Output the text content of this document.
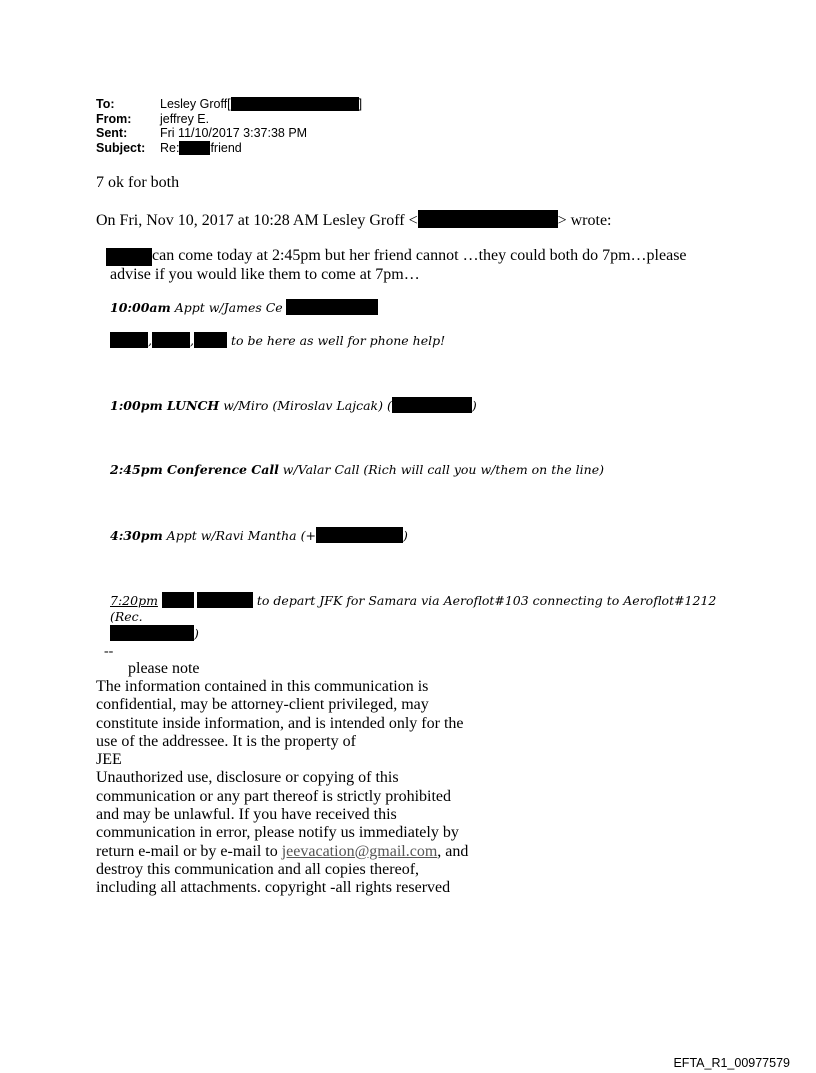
To:	Lesley Groff[	]
From:	jeffrey E.
Sent:	Fri 11/10/2017 3:37:38 PM
Subject:	Re: friend
7 ok for both
On Fri, Nov 10, 2017 at 10:28 AM Lesley Groff <	> wrote:
can come today at 2:45pm but her friend cannot …they could both do 7pm…please advise if you would like them to come at 7pm…
10:00am Appt w/James Ce
,	,	to be here as well for phone help!
1:00pm LUNCH w/Miro (Miroslav Lajcak) (	)
2:45pm Conference Call w/Valar Call (Rich will call you w/them on the line)
4:30pm Appt w/Ravi Mantha (+	)
7:20pm	to depart JFK for Samara via Aeroflot#103 connecting to Aeroflot#1212 (Rec.
)
--
please note
The information contained in this communication is confidential, may be attorney-client privileged, may constitute inside information, and is intended only for the use of the addressee. It is the property of
JEE
Unauthorized use, disclosure or copying of this communication or any part thereof is strictly prohibited and may be unlawful. If you have received this communication in error, please notify us immediately by return e-mail or by e-mail to jeevacation@gmail.com, and destroy this communication and all copies thereof, including all attachments. copyright -all rights reserved
EFTA_R1_00977579
